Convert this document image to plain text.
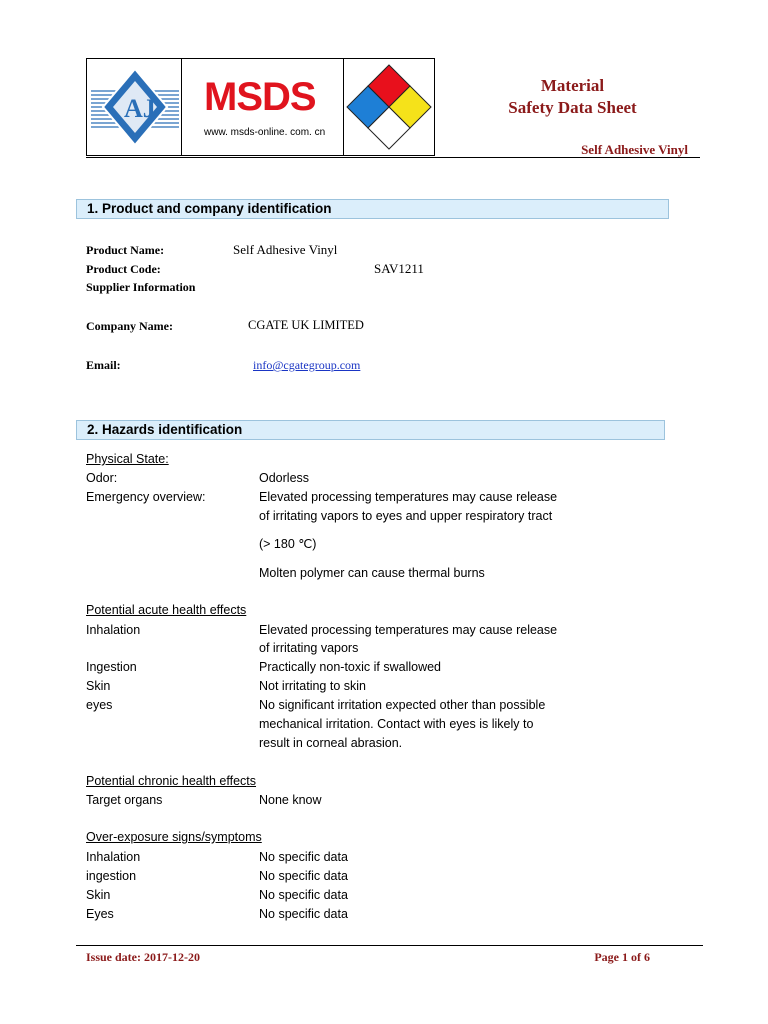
AJ MSDS
www. msds-online. com. cn
Material
Safety Data Sheet
Self Adhesive Vinyl
1. Product and company identification
Product Name:	Self Adhesive Vinyl
Product Code:	SAV1211
Supplier Information
Company Name:	CGATE UK LIMITED
Email:	info@cgategroup.com
2. Hazards identification
Physical State:
Odor:	Odorless
Emergency overview:	Elevated processing temperatures may cause release
of irritating vapors to eyes and upper respiratory tract
(> 180 ℃)
Molten polymer can cause thermal burns
Potential acute health effects
Inhalation	Elevated processing temperatures may cause release
of irritating vapors
Ingestion	Practically non-toxic if swallowed
Skin	Not irritating to skin
eyes	No significant irritation expected other than possible
mechanical irritation. Contact with eyes is likely to
result in corneal abrasion.
Potential chronic health effects
Target organs	None know
Over-exposure signs/symptoms
Inhalation	No specific data
ingestion	No specific data
Skin	No specific data
Eyes	No specific data
Issue date: 2017-12-20	Page 1 of 6
